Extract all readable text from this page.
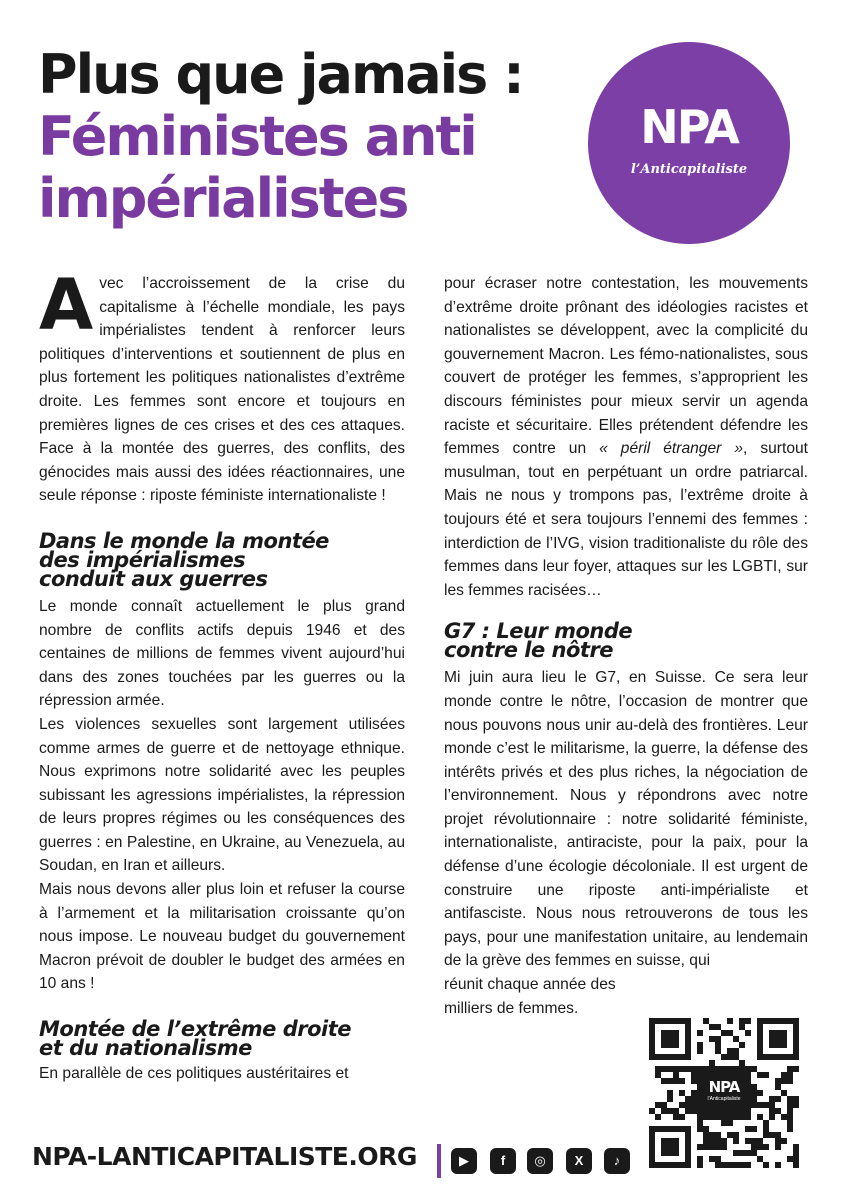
Plus que jamais :
Féministes anti
impérialistes
NPA
l’Anticapitaliste

Avec l’accroissement de la crise du capitalisme à l’échelle mondiale, les pays impérialistes tendent à renforcer leurs politiques d’interventions et soutiennent de plus en plus fortement les politiques nationalistes d’extrême droite. Les femmes sont encore et toujours en premières lignes de ces crises et des ces attaques. Face à la montée des guerres, des conflits, des génocides mais aussi des idées réactionnaires, une seule réponse : riposte féministe internationaliste !

Dans le monde la montée
des impérialismes
conduit aux guerres

Le monde connaît actuellement le plus grand nombre de conflits actifs depuis 1946 et des centaines de millions de femmes vivent aujourd’hui dans des zones touchées par les guerres ou la répression armée.

Les violences sexuelles sont largement utilisées comme armes de guerre et de nettoyage ethnique. Nous exprimons notre solidarité avec les peuples subissant les agressions impérialistes, la répression de leurs propres régimes ou les conséquences des guerres : en Palestine, en Ukraine, au Venezuela, au Soudan, en Iran et ailleurs.

Mais nous devons aller plus loin et refuser la course à l’armement et la militarisation croissante qu’on nous impose. Le nouveau budget du gouvernement Macron prévoit de doubler le budget des armées en 10 ans !

Montée de l’extrême droite
et du nationalisme

En parallèle de ces politiques austéritaires et

pour écraser notre contestation, les mouvements d’extrême droite prônant des idéologies racistes et nationalistes se développent, avec la complicité du gouvernement Macron. Les fémo-nationalistes, sous couvert de protéger les femmes, s’approprient les discours féministes pour mieux servir un agenda raciste et sécuritaire. Elles prétendent défendre les femmes contre un « péril étranger », surtout musulman, tout en perpétuant un ordre patriarcal. Mais ne nous y trompons pas, l’extrême droite à toujours été et sera toujours l’ennemi des femmes : interdiction de l’IVG, vision traditionaliste du rôle des femmes dans leur foyer, attaques sur les LGBTI, sur les femmes racisées…

G7 : Leur monde
contre le nôtre

Mi juin aura lieu le G7, en Suisse. Ce sera leur monde contre le nôtre, l’occasion de montrer que nous pouvons nous unir au-delà des frontières. Leur monde c’est le militarisme, la guerre, la défense des intérêts privés et des plus riches, la négociation de l’environnement. Nous y répondrons avec notre projet révolutionnaire : notre solidarité féministe, internationaliste, antiraciste, pour la paix, pour la défense d’une écologie décoloniale. Il est urgent de construire une riposte anti-impérialiste et antifasciste. Nous nous retrouverons de tous les pays, pour une manifestation unitaire, au lendemain de la grève des femmes en suisse, qui

réunit chaque année des
milliers de femmes.
NPA
l’Anticapitaliste
NPA-LANTICAPITALISTE.ORG	▶	f	◎	X	♪
